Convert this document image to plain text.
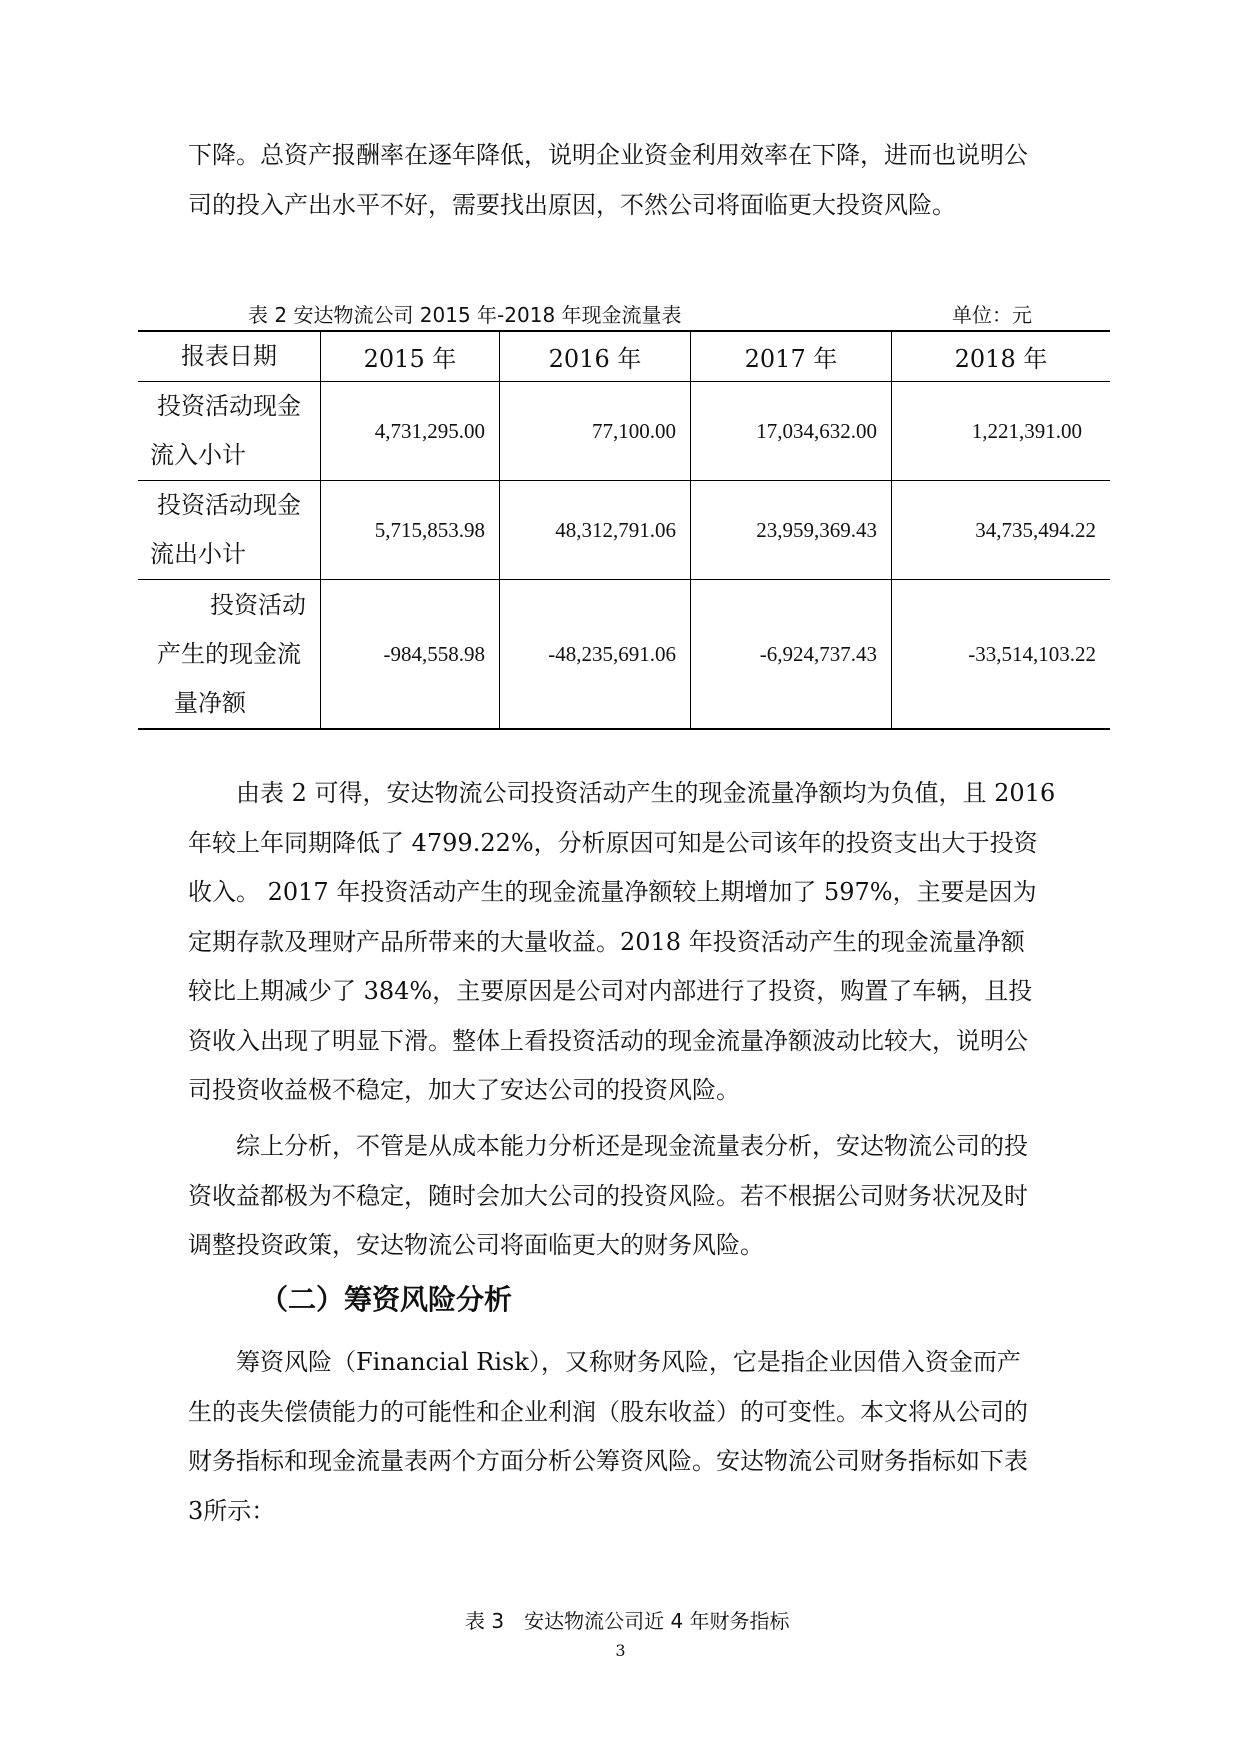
下降。总资产报酬率在逐年降低，说明企业资金利用效率在下降，进而也说明公
司的投入产出水平不好，需要找出原因，不然公司将面临更大投资风险。
表 2 安达物流公司 2015 年-2018 年现金流量表	单位：元
报表日期	2015 年	2016 年	2017 年	2018 年

投资活动现金
流入小计	4,731,295.00	77,100.00	17,034,632.00	1,221,391.00

投资活动现金
流出小计	5,715,853.98	48,312,791.06	23,959,369.43	34,735,494.22

投资活动
产生的现金流
量净额	-984,558.98	-48,235,691.06	-6,924,737.43	-33,514,103.22
　　由表 2 可得，安达物流公司投资活动产生的现金流量净额均为负值，且 2016
年较上年同期降低了 4799.22%，分析原因可知是公司该年的投资支出大于投资
收入。 2017 年投资活动产生的现金流量净额较上期增加了 597%，主要是因为
定期存款及理财产品所带来的大量收益。2018 年投资活动产生的现金流量净额
较比上期减少了 384%，主要原因是公司对内部进行了投资，购置了车辆，且投
资收入出现了明显下滑。整体上看投资活动的现金流量净额波动比较大，说明公
司投资收益极不稳定，加大了安达公司的投资风险。
　　综上分析，不管是从成本能力分析还是现金流量表分析，安达物流公司的投
资收益都极为不稳定，随时会加大公司的投资风险。若不根据公司财务状况及时
调整投资政策，安达物流公司将面临更大的财务风险。
（二）筹资风险分析
　　筹资风险（Financial Risk），又称财务风险，它是指企业因借入资金而产
生的丧失偿债能力的可能性和企业利润（股东收益）的可变性。本文将从公司的
财务指标和现金流量表两个方面分析公筹资风险。安达物流公司财务指标如下表
3所示：
表 3　安达物流公司近 4 年财务指标
3
